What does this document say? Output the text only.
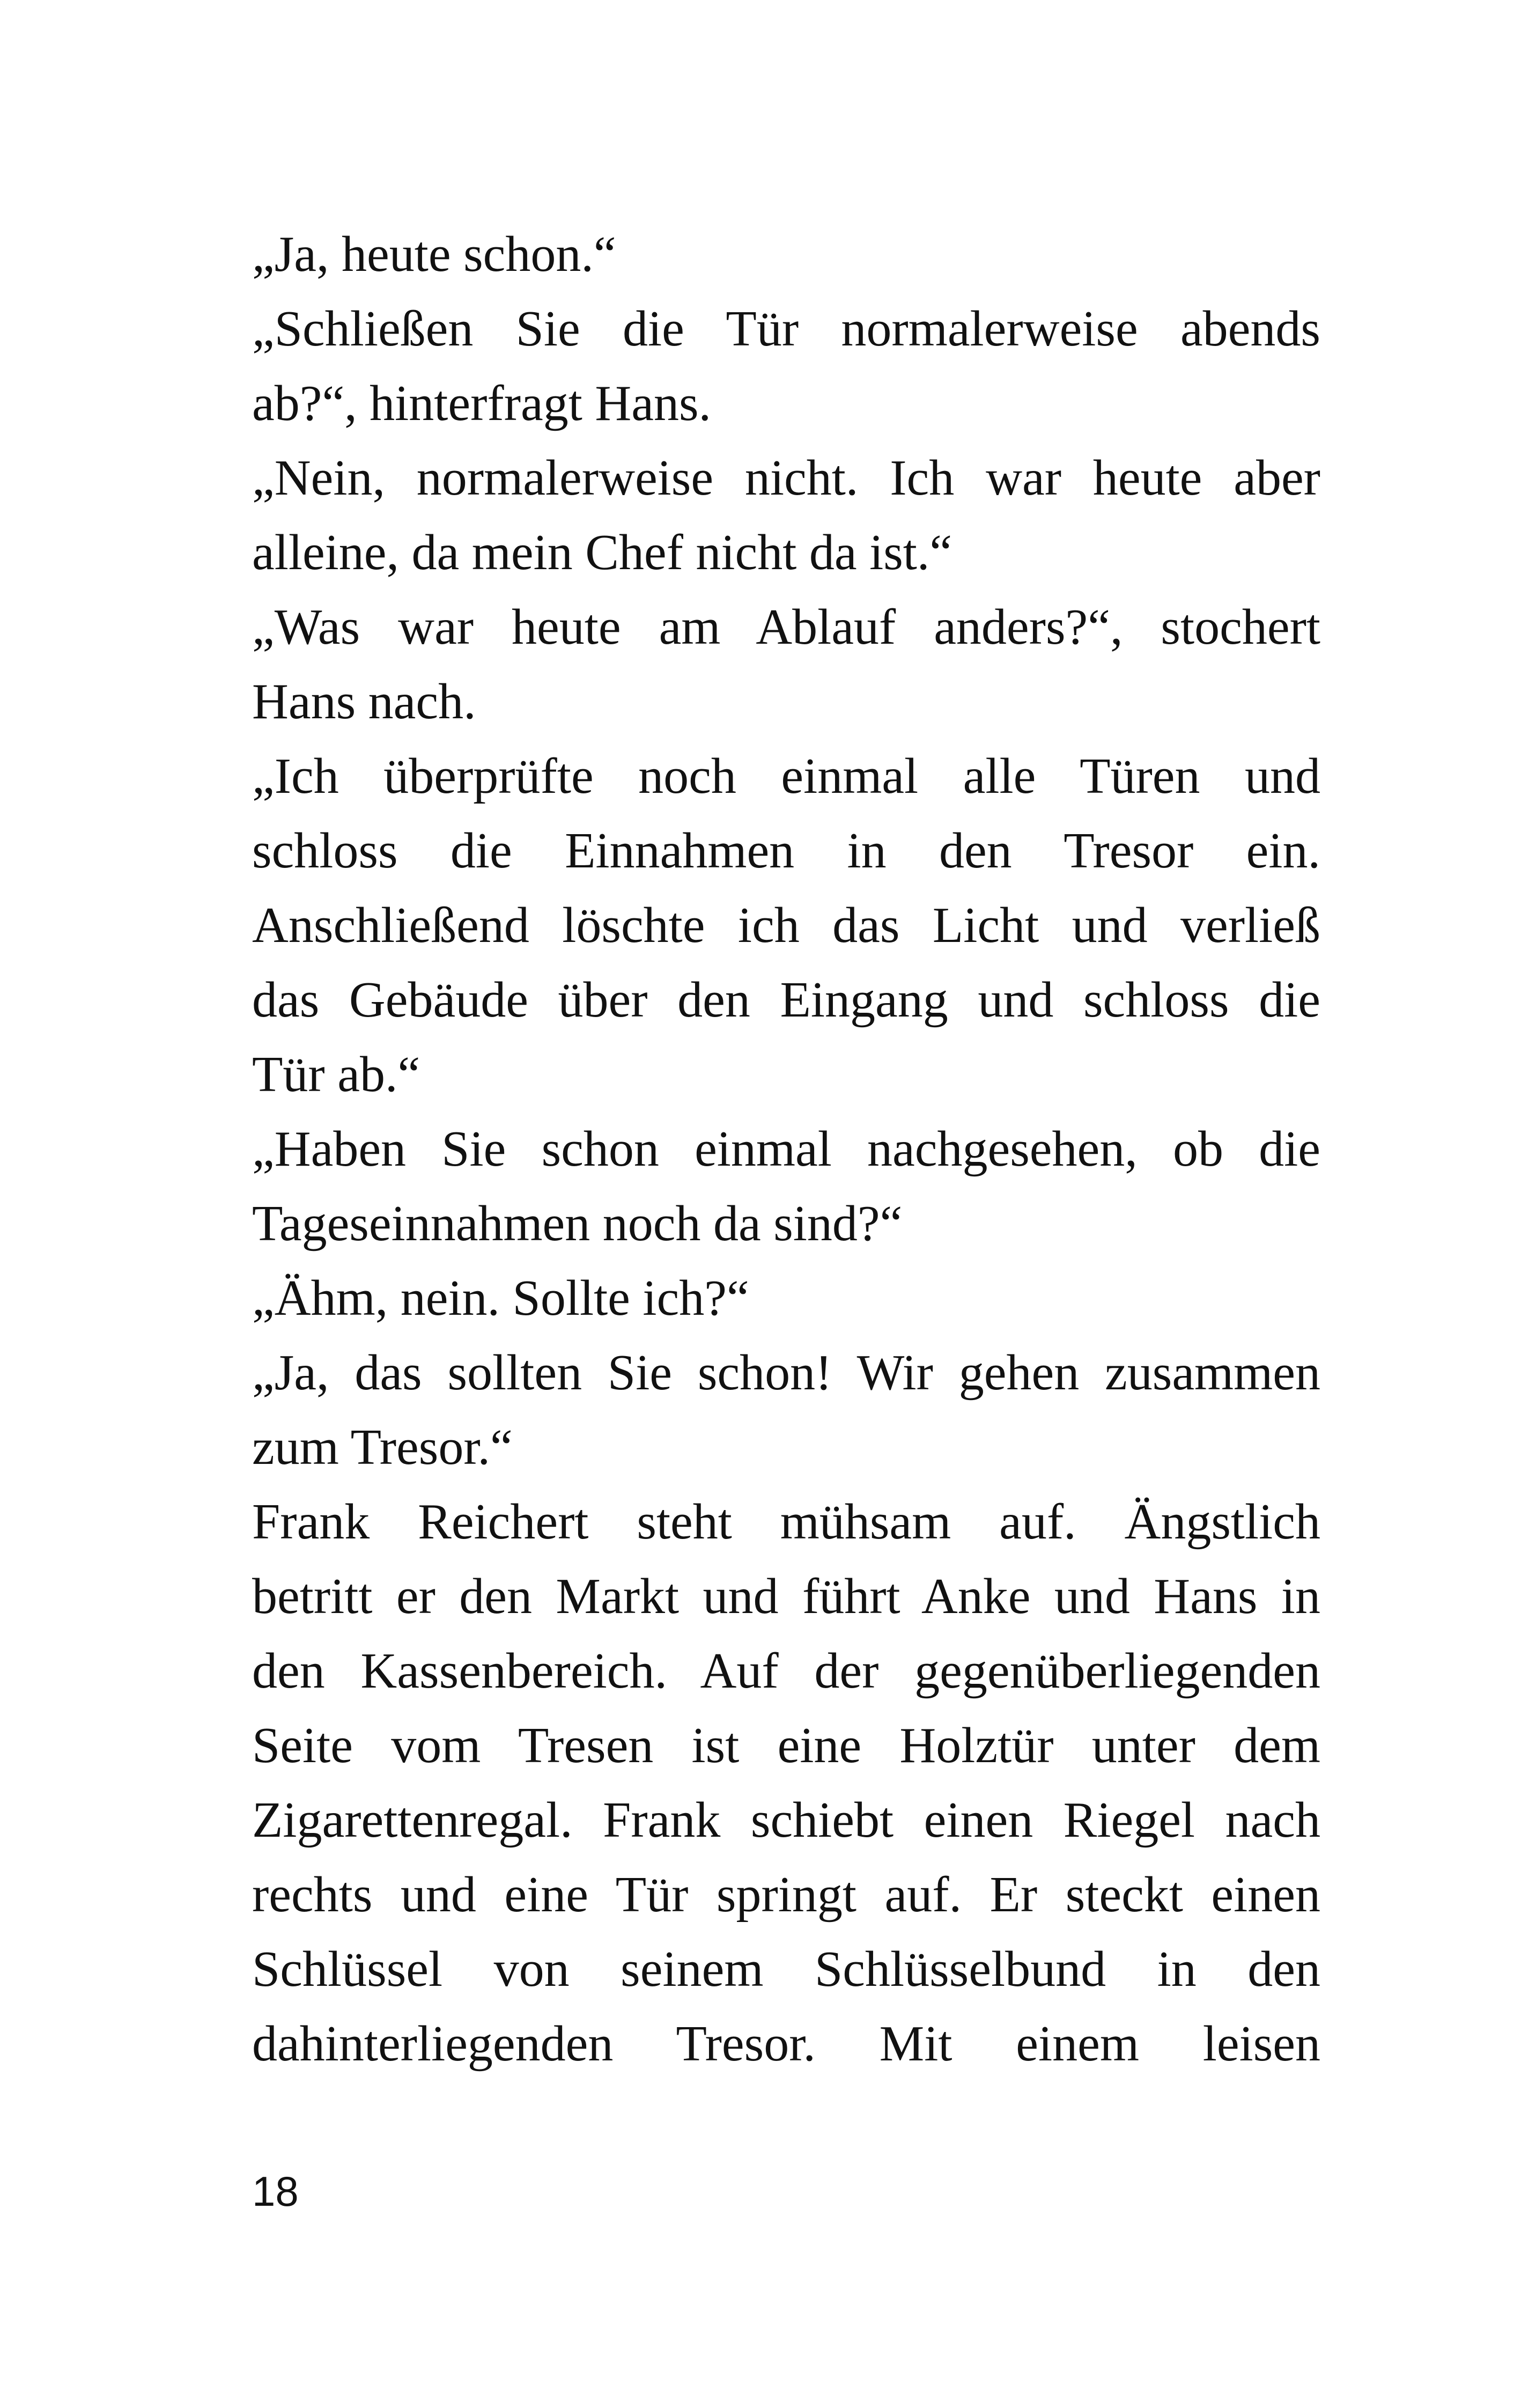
„Ja, heute schon.“
„Schließen Sie die Tür normalerweise abends
ab?“, hinterfragt Hans.
„Nein, normalerweise nicht. Ich war heute aber
alleine, da mein Chef nicht da ist.“
„Was war heute am Ablauf anders?“, stochert
Hans nach.
„Ich überprüfte noch einmal alle Türen und
schloss die Einnahmen in den Tresor ein.
Anschließend löschte ich das Licht und verließ
das Gebäude über den Eingang und schloss die
Tür ab.“
„Haben Sie schon einmal nachgesehen, ob die
Tageseinnahmen noch da sind?“
„Ähm, nein. Sollte ich?“
„Ja, das sollten Sie schon! Wir gehen zusammen
zum Tresor.“
Frank Reichert steht mühsam auf. Ängstlich
betritt er den Markt und führt Anke und Hans in
den Kassenbereich. Auf der gegenüberliegenden
Seite vom Tresen ist eine Holztür unter dem
Zigarettenregal. Frank schiebt einen Riegel nach
rechts und eine Tür springt auf. Er steckt einen
Schlüssel von seinem Schlüsselbund in den
dahinterliegenden Tresor. Mit einem leisen
18
